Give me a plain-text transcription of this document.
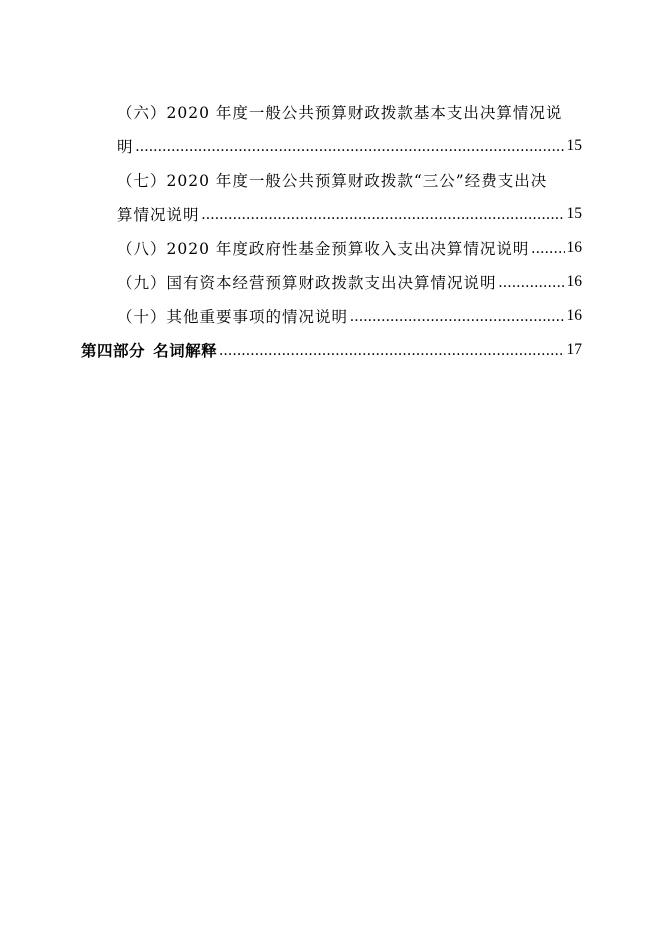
（六）2020 年度一般公共预算财政拨款基本支出决算情况说
明 .....	15
（七）2020 年度一般公共预算财政拨款“三公”经费支出决
算情况说明 .....	15
（八）2020 年度政府性基金预算收入支出决算情况说明 ..... 16
（九）国有资本经营预算财政拨款支出决算情况说明 .....	16
（十）其他重要事项的情况说明 .....	16
第四部分 名词解释 .....	17
